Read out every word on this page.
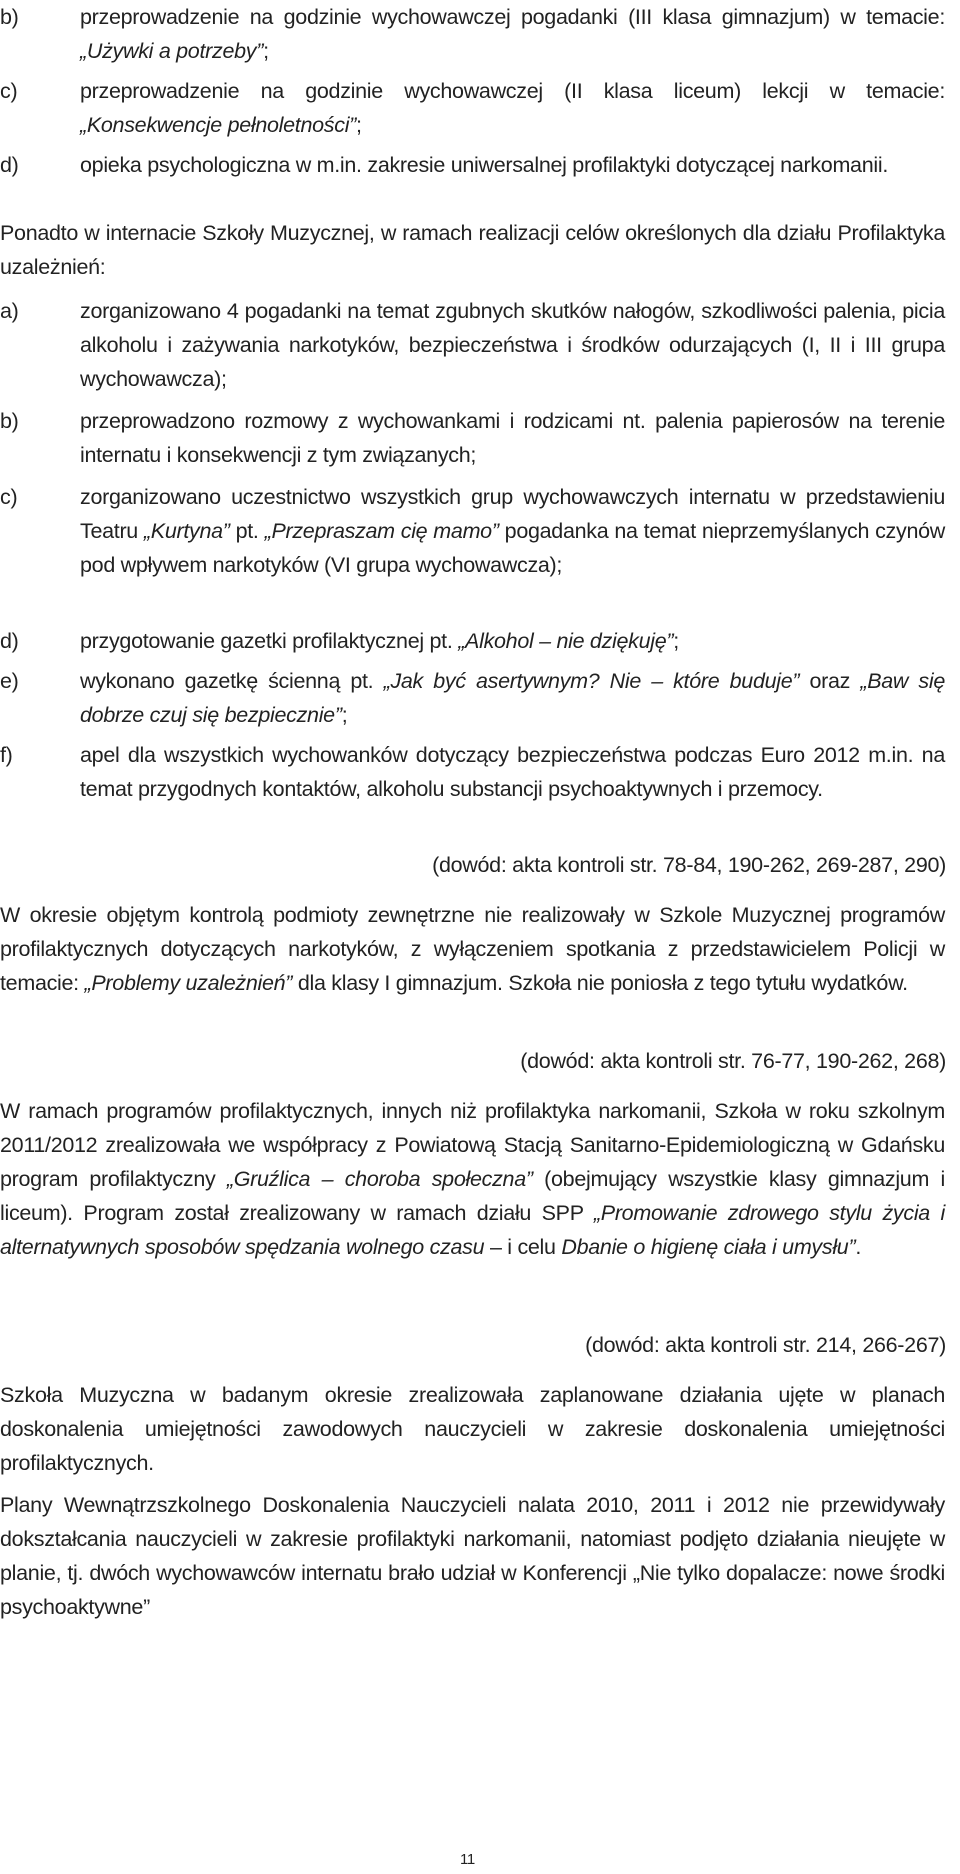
b)	przeprowadzenie na godzinie wychowawczej pogadanki (III klasa gimnazjum) w temacie: „Używki a potrzeby”;
c)	przeprowadzenie na godzinie wychowawczej (II klasa liceum) lekcji w temacie: „Konsekwencje pełnoletności”;
d)	opieka psychologiczna w m.in. zakresie uniwersalnej profilaktyki dotyczącej narkomanii.
Ponadto w internacie Szkoły Muzycznej, w ramach realizacji celów określonych dla działu Profilaktyka uzależnień:
a)	zorganizowano 4 pogadanki na temat zgubnych skutków nałogów, szkodliwości palenia, picia alkoholu i zażywania narkotyków, bezpieczeństwa i środków odurzających (I, II i III grupa wychowawcza);
b)	przeprowadzono rozmowy z wychowankami i rodzicami nt. palenia papierosów na terenie internatu i konsekwencji z tym związanych;
c)	zorganizowano uczestnictwo wszystkich grup wychowawczych internatu w przedstawieniu Teatru „Kurtyna” pt. „Przepraszam cię mamo” pogadanka na temat nieprzemyślanych czynów pod wpływem narkotyków (VI grupa wychowawcza);
d)	przygotowanie gazetki profilaktycznej pt. „Alkohol – nie dziękuję”;
e)	wykonano gazetkę ścienną pt. „Jak być asertywnym? Nie – które buduje” oraz „Baw się dobrze czuj się bezpiecznie”;
f)	apel dla wszystkich wychowanków dotyczący bezpieczeństwa podczas Euro 2012 m.in. na temat przygodnych kontaktów, alkoholu substancji psychoaktywnych i przemocy.
(dowód: akta kontroli str. 78-84, 190-262, 269-287, 290)
W okresie objętym kontrolą podmioty zewnętrzne nie realizowały w Szkole Muzycznej programów profilaktycznych dotyczących narkotyków, z wyłączeniem spotkania z przedstawicielem Policji w temacie: „Problemy uzależnień” dla klasy I gimnazjum. Szkoła nie poniosła z tego tytułu wydatków.
(dowód: akta kontroli str. 76-77, 190-262, 268)
W ramach programów profilaktycznych, innych niż profilaktyka narkomanii, Szkoła w roku szkolnym 2011/2012 zrealizowała we współpracy z Powiatową Stacją Sanitarno-Epidemiologiczną w Gdańsku program profilaktyczny „Gruźlica – choroba społeczna” (obejmujący wszystkie klasy gimnazjum i liceum). Program został zrealizowany w ramach działu SPP „Promowanie zdrowego stylu życia i alternatywnych sposobów spędzania wolnego czasu – i celu Dbanie o higienę ciała i umysłu”.
(dowód: akta kontroli str. 214, 266-267)
Szkoła Muzyczna w badanym okresie zrealizowała zaplanowane działania ujęte w planach doskonalenia umiejętności zawodowych nauczycieli w zakresie doskonalenia umiejętności profilaktycznych.
Plany Wewnątrzszkolnego Doskonalenia Nauczycieli nalata 2010, 2011 i 2012 nie przewidywały dokształcania nauczycieli w zakresie profilaktyki narkomanii, natomiast podjęto działania nieujęte w planie, tj. dwóch wychowawców internatu brało udział w Konferencji „Nie tylko dopalacze: nowe środki psychoaktywne”
11
